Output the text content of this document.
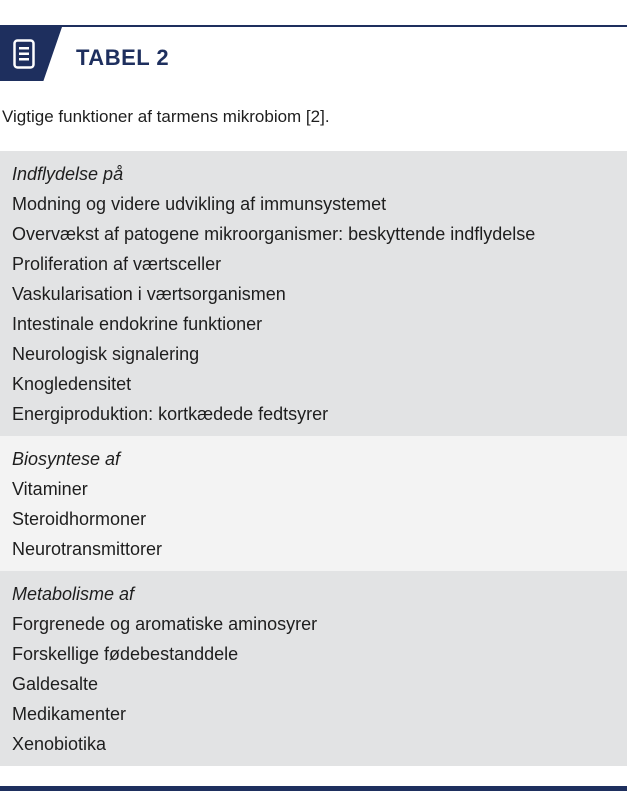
TABEL 2
Vigtige funktioner af tarmens mikrobiom [2].
Indflydelse på
Modning og videre udvikling af immunsystemet
Overvækst af patogene mikroorganismer: beskyttende indflydelse
Proliferation af værtsceller
Vaskularisation i værtsorganismen
Intestinale endokrine funktioner
Neurologisk signalering
Knogledensitet
Energiproduktion: kortkædede fedtsyrer
Biosyntese af
Vitaminer
Steroidhormoner
Neurotransmittorer
Metabolisme af
Forgrenede og aromatiske aminosyrer
Forskellige fødebestanddele
Galdesalte
Medikamenter
Xenobiotika
